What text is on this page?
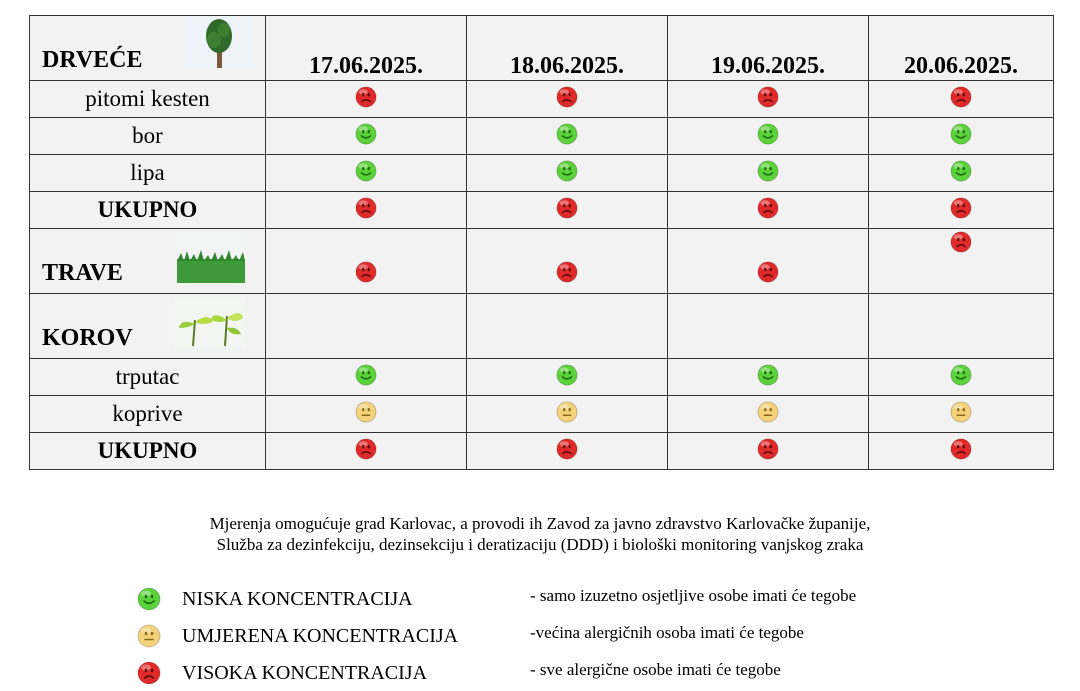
DRVEĆE	17.06.2025.	18.06.2025.	19.06.2025.	20.06.2025.
pitomi kesten	

bor	

lipa	

UKUPNO	

TRAVE

KOROV				

trputac	

koprive	

UKUPNO	

Mjerenja omogućuje grad Karlovac, a provodi ih Zavod za javno zdravstvo Karlovačke županije,
Služba za dezinfekciju, dezinsekciju i deratizaciju (DDD) i biološki monitoring vanjskog zraka
NISKA KONCENTRACIJA	- samo izuzetno osjetljive osobe imati će tegobe
UMJERENA KONCENTRACIJA	-većina alergičnih osoba imati će tegobe
VISOKA KONCENTRACIJA	- sve alergične osobe imati će tegobe
